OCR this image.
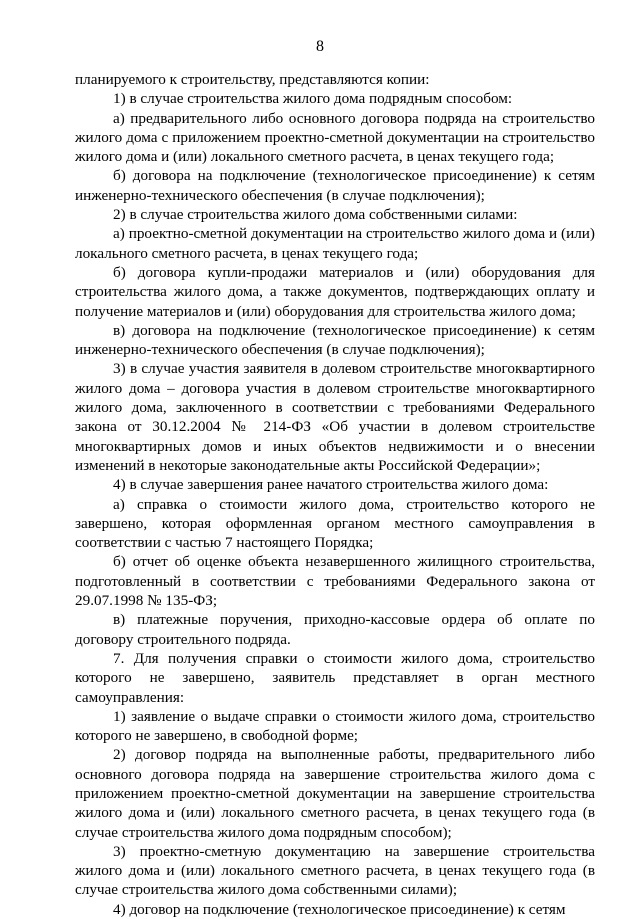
8

планируемого к строительству, представляются копии:

1) в случае строительства жилого дома подрядным способом:

а) предварительного либо основного договора подряда на строительство жилого дома с приложением проектно-сметной документации на строительство жилого дома и (или) локального сметного расчета, в ценах текущего года;

б) договора на подключение (технологическое присоединение) к сетям инженерно-технического обеспечения (в случае подключения);

2) в случае строительства жилого дома собственными силами:

а) проектно-сметной документации на строительство жилого дома и (или) локального сметного расчета, в ценах текущего года;

б) договора купли-продажи материалов и (или) оборудования для строительства жилого дома, а также документов, подтверждающих оплату и получение материалов и (или) оборудования для строительства жилого дома;

в) договора на подключение (технологическое присоединение) к сетям инженерно-технического обеспечения (в случае подключения);

3) в случае участия заявителя в долевом строительстве многоквартирного жилого дома – договора участия в долевом строительстве многоквартирного жилого дома, заключенного в соответствии с требованиями Федерального закона от 30.12.2004 № 214-ФЗ «Об участии в долевом строительстве многоквартирных домов и иных объектов недвижимости и о внесении изменений в некоторые законодательные акты Российской Федерации»;

4) в случае завершения ранее начатого строительства жилого дома:

а) справка о стоимости жилого дома, строительство которого не завершено, которая оформленная органом местного самоуправления в соответствии с частью 7 настоящего Порядка;

б) отчет об оценке объекта незавершенного жилищного строительства, подготовленный в соответствии с требованиями Федерального закона от 29.07.1998 № 135-ФЗ;

в) платежные поручения, приходно-кассовые ордера об оплате по договору строительного подряда.

7. Для получения справки о стоимости жилого дома, строительство которого не завершено, заявитель представляет в орган местного самоуправления:

1) заявление о выдаче справки о стоимости жилого дома, строительство которого не завершено, в свободной форме;

2) договор подряда на выполненные работы, предварительного либо основного договора подряда на завершение строительства жилого дома с приложением проектно-сметной документации на завершение строительства жилого дома и (или) локального сметного расчета, в ценах текущего года (в случае строительства жилого дома подрядным способом);

3) проектно-сметную документацию на завершение строительства жилого дома и (или) локального сметного расчета, в ценах текущего года (в случае строительства жилого дома собственными силами);

4) договор на подключение (технологическое присоединение) к сетям
